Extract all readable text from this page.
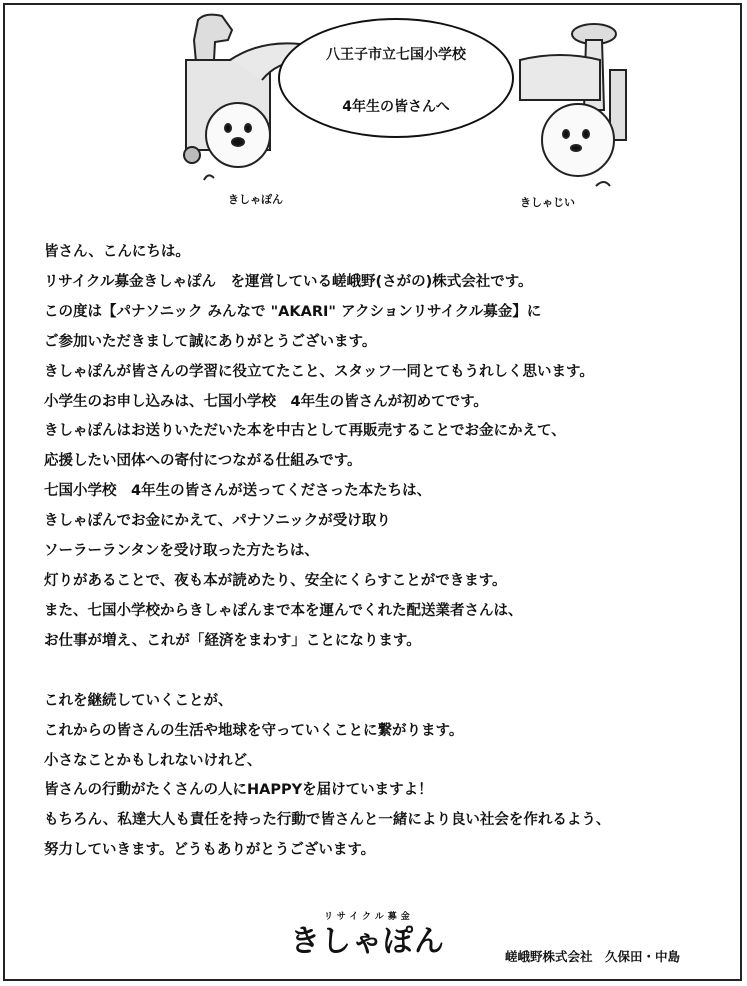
八王子市立七国小学校
4年生の皆さんへ
きしゃぽん	きしゃじい

皆さん、こんにちは。

リサイクル募金きしゃぽん　を運営している嵯峨野(さがの)株式会社です。

この度は【パナソニック みんなで "AKARI" アクションリサイクル募金】に

ご参加いただきまして誠にありがとうございます。

きしゃぽんが皆さんの学習に役立てたこと、スタッフ一同とてもうれしく思います。

小学生のお申し込みは、七国小学校　4年生の皆さんが初めてです。

きしゃぽんはお送りいただいた本を中古として再販売することでお金にかえて、

応援したい団体への寄付につながる仕組みです。

七国小学校　4年生の皆さんが送ってくださった本たちは、

きしゃぽんでお金にかえて、パナソニックが受け取り

ソーラーランタンを受け取った方たちは、

灯りがあることで、夜も本が読めたり、安全にくらすことができます。

また、七国小学校からきしゃぽんまで本を運んでくれた配送業者さんは、

お仕事が増え、これが「経済をまわす」ことになります。

これを継続していくことが、

これからの皆さんの生活や地球を守っていくことに繋がります。

小さなことかもしれないけれど、

皆さんの行動がたくさんの人にHAPPYを届けていますよ！

もちろん、私達大人も責任を持った行動で皆さんと一緒により良い社会を作れるよう、

努力していきます。どうもありがとうございます。

リサイクル募金
きしゃぽん	嵯峨野株式会社　久保田・中島
